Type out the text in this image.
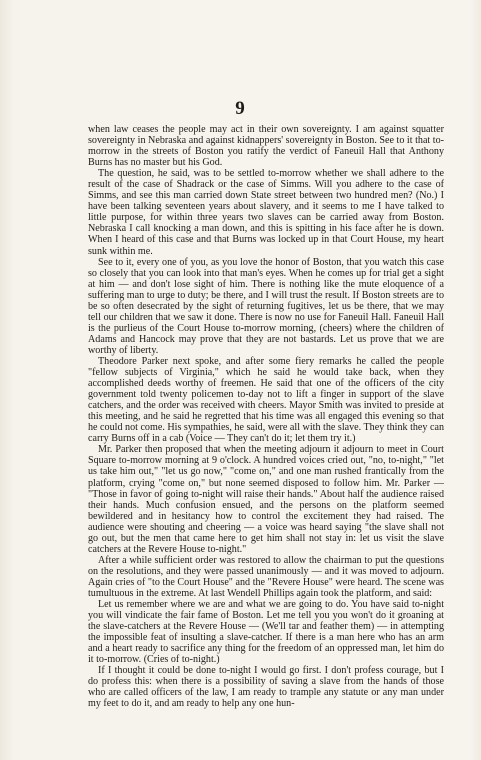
9

when law ceases the people may act in their own sovereignty. I am against squatter sovereignty in Nebraska and against kidnappers' sovereignty in Boston. See to it that to-morrow in the streets of Boston you ratify the verdict of Faneuil Hall that Anthony Burns has no master but his God.

The question, he said, was to be settled to-morrow whether we shall adhere to the result of the case of Shadrack or the case of Simms. Will you adhere to the case of Simms, and see this man carried down State street between two hundred men? (No.) I have been talking seventeen years about slavery, and it seems to me I have talked to little purpose, for within three years two slaves can be carried away from Boston. Nebraska I call knocking a man down, and this is spitting in his face after he is down. When I heard of this case and that Burns was locked up in that Court House, my heart sunk within me.

See to it, every one of you, as you love the honor of Boston, that you watch this case so closely that you can look into that man's eyes. When he comes up for trial get a sight at him — and don't lose sight of him. There is nothing like the mute eloquence of a suffering man to urge to duty; be there, and I will trust the result. If Boston streets are to be so often desecrated by the sight of returning fugitives, let us be there, that we may tell our children that we saw it done. There is now no use for Faneuil Hall. Faneuil Hall is the purlieus of the Court House to-morrow morning, (cheers) where the children of Adams and Hancock may prove that they are not bastards. Let us prove that we are worthy of liberty.

Theodore Parker next spoke, and after some fiery remarks he called the people "fellow subjects of Virginia," which he said he would take back, when they accomplished deeds worthy of freemen. He said that one of the officers of the city government told twenty policemen to-day not to lift a finger in support of the slave catchers, and the order was received with cheers. Mayor Smith was invited to preside at this meeting, and he said he regretted that his time was all engaged this evening so that he could not come. His sympathies, he said, were all with the slave. They think they can carry Burns off in a cab (Voice — They can't do it; let them try it.)

Mr. Parker then proposed that when the meeting adjourn it adjourn to meet in Court Square to-morrow morning at 9 o'clock. A hundred voices cried out, "no, to-night," "let us take him out," "let us go now," "come on," and one man rushed frantically from the platform, crying "come on," but none seemed disposed to follow him. Mr. Parker — "Those in favor of going to-night will raise their hands." About half the audience raised their hands. Much confusion ensued, and the persons on the platform seemed bewildered and in hesitancy how to control the excitement they had raised. The audience were shouting and cheering — a voice was heard saying "the slave shall not go out, but the men that came here to get him shall not stay in: let us visit the slave catchers at the Revere House to-night."

After a while sufficient order was restored to allow the chairman to put the questions on the resolutions, and they were passed unanimously — and it was moved to adjourn. Again cries of "to the Court House" and the "Revere House" were heard. The scene was tumultuous in the extreme. At last Wendell Phillips again took the platform, and said:

Let us remember where we are and what we are going to do. You have said to-night you will vindicate the fair fame of Boston. Let me tell you you won't do it groaning at the slave-catchers at the Revere House — (We'll tar and feather them) — in attempting the impossible feat of insulting a slave-catcher. If there is a man here who has an arm and a heart ready to sacrifice any thing for the freedom of an oppressed man, let him do it to-morrow. (Cries of to-night.)

If I thought it could be done to-night I would go first. I don't profess courage, but I do profess this: when there is a possibility of saving a slave from the hands of those who are called officers of the law, I am ready to trample any statute or any man under my feet to do it, and am ready to help any one hun-
